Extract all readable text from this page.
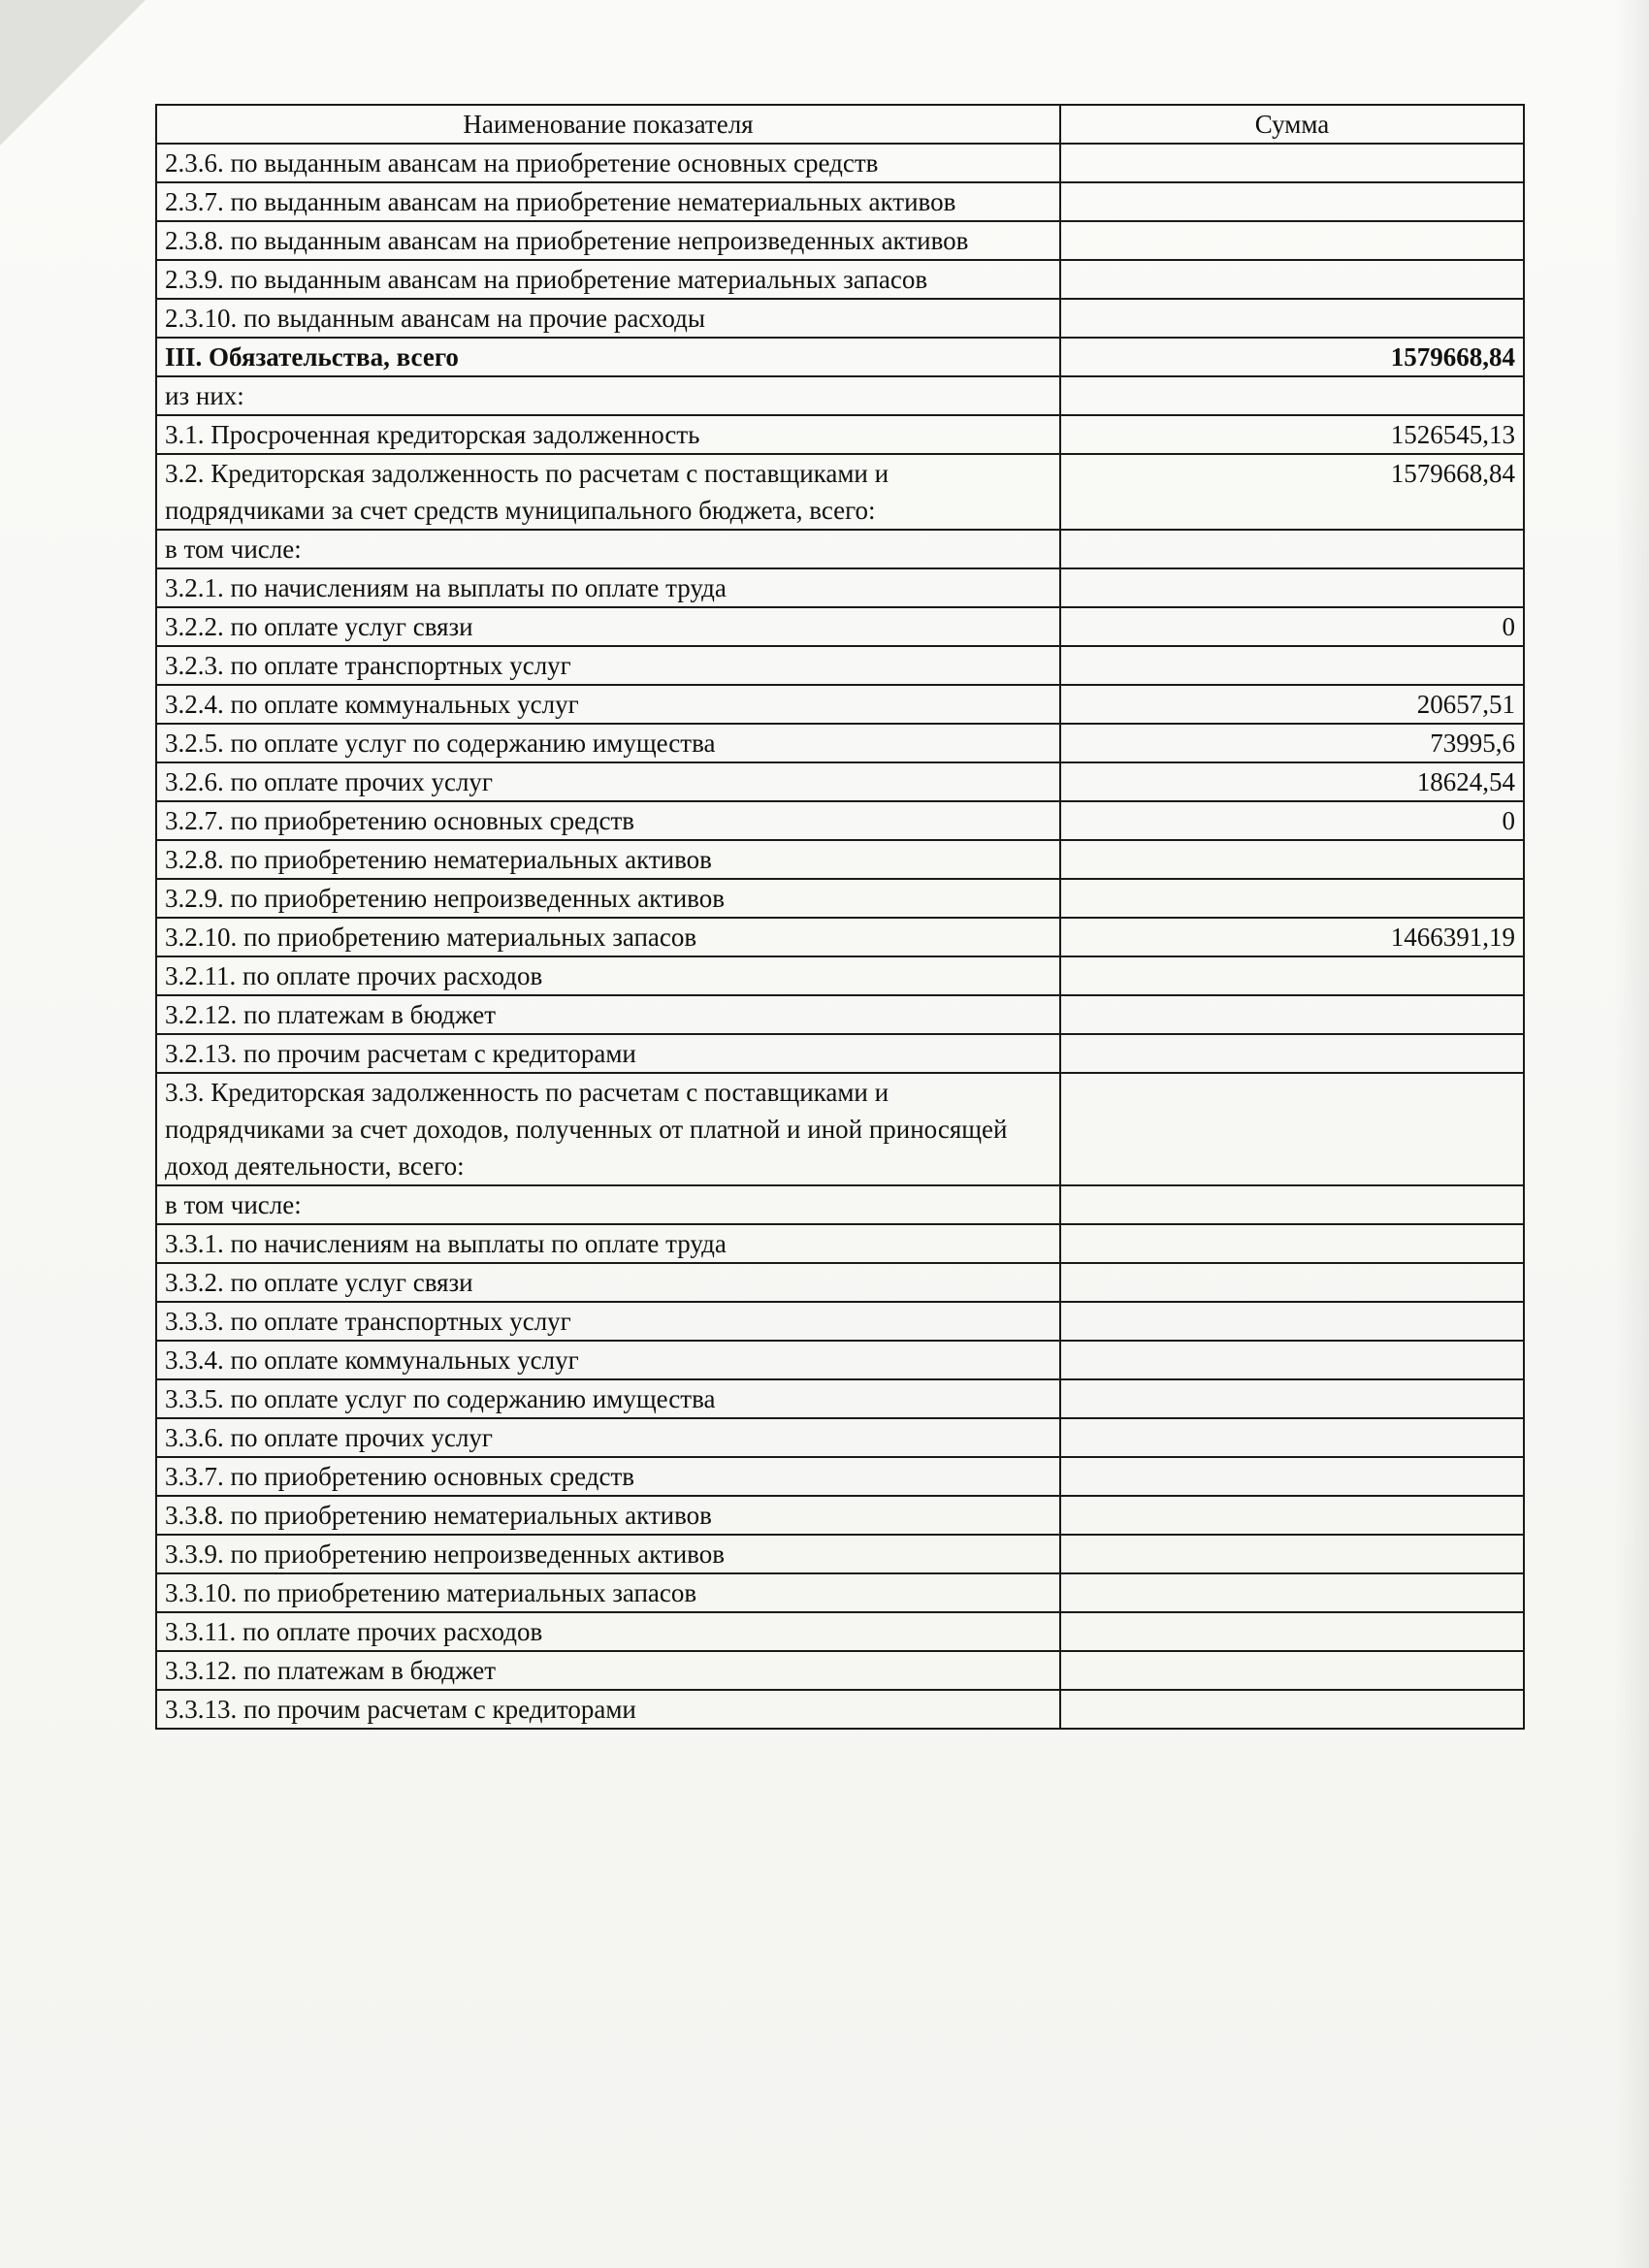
Наименование показателя	Сумма
2.3.6. по выданным авансам на приобретение основных средств	
2.3.7. по выданным авансам на приобретение нематериальных активов	
2.3.8. по выданным авансам на приобретение непроизведенных активов	
2.3.9. по выданным авансам на приобретение материальных запасов	
2.3.10. по выданным авансам на прочие расходы	
III. Обязательства, всего	1579668,84
из них:	
3.1. Просроченная кредиторская задолженность	1526545,13
3.2. Кредиторская задолженность по расчетам с поставщиками и подрядчиками за счет средств муниципального бюджета, всего:	1579668,84
в том числе:	
3.2.1. по начислениям на выплаты по оплате труда	
3.2.2. по оплате услуг связи	0
3.2.3. по оплате транспортных услуг	
3.2.4. по оплате коммунальных услуг	20657,51
3.2.5. по оплате услуг по содержанию имущества	73995,6
3.2.6. по оплате прочих услуг	18624,54
3.2.7. по приобретению основных средств	0
3.2.8. по приобретению нематериальных активов	
3.2.9. по приобретению непроизведенных активов	
3.2.10. по приобретению материальных запасов	1466391,19
3.2.11. по оплате прочих расходов	
3.2.12. по платежам в бюджет	
3.2.13. по прочим расчетам с кредиторами	
3.3. Кредиторская задолженность по расчетам с поставщиками и подрядчиками за счет доходов, полученных от платной и иной приносящей доход деятельности, всего:	
в том числе:	
3.3.1. по начислениям на выплаты по оплате труда	
3.3.2. по оплате услуг связи	
3.3.3. по оплате транспортных услуг	
3.3.4. по оплате коммунальных услуг	
3.3.5. по оплате услуг по содержанию имущества	
3.3.6. по оплате прочих услуг	
3.3.7. по приобретению основных средств	
3.3.8. по приобретению нематериальных активов	
3.3.9. по приобретению непроизведенных активов	
3.3.10. по приобретению материальных запасов	
3.3.11. по оплате прочих расходов	
3.3.12. по платежам в бюджет	
3.3.13. по прочим расчетам с кредиторами	
